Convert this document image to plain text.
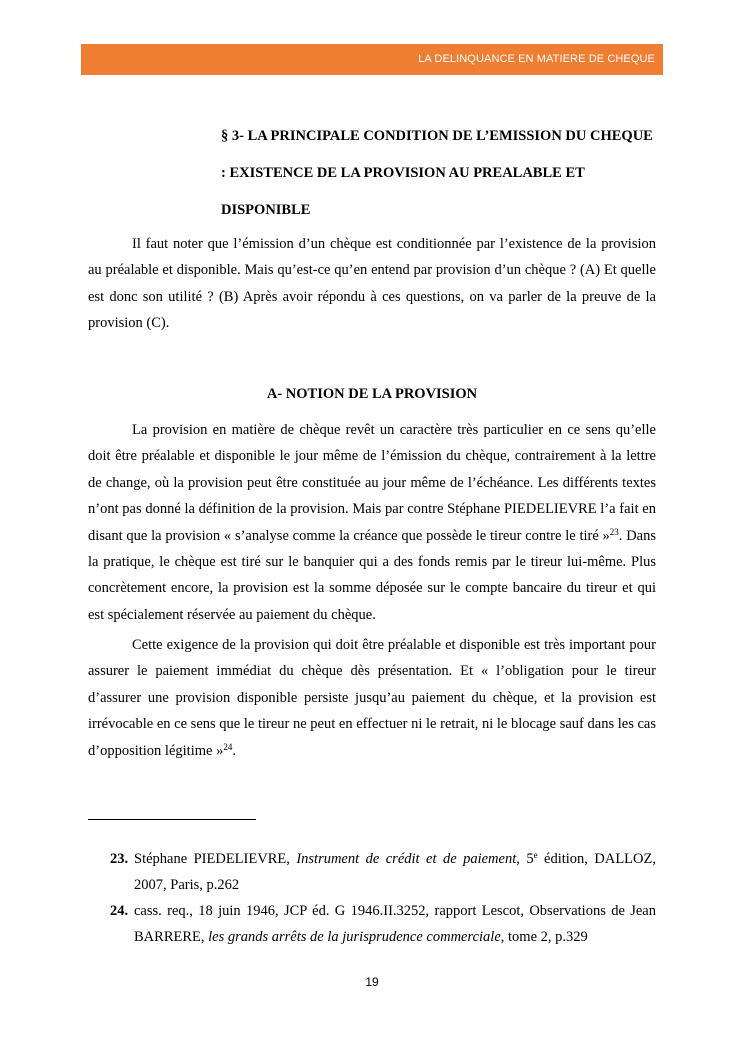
LA DELINQUANCE EN MATIERE DE CHEQUE

§ 3- LA PRINCIPALE CONDITION DE L’EMISSION DU CHEQUE : EXISTENCE DE LA PROVISION AU PREALABLE ET DISPONIBLE

Il faut noter que l’émission d’un chèque est conditionnée par l’existence de la provision au préalable et disponible. Mais qu’est-ce qu’en entend par provision d’un chèque ? (A) Et quelle est donc son utilité ? (B) Après avoir répondu à ces questions, on va parler de la preuve de la provision (C).

A- NOTION DE LA PROVISION

La provision en matière de chèque revêt un caractère très particulier en ce sens qu’elle doit être préalable et disponible le jour même de l’émission du chèque, contrairement à la lettre de change, où la provision peut être constituée au jour même de l’échéance. Les différents textes n’ont pas donné la définition de la provision. Mais par contre Stéphane PIEDELIEVRE l’a fait en disant que la provision « s’analyse comme la créance que possède le tireur contre le tiré »$^{23}$. Dans la pratique, le chèque est tiré sur le banquier qui a des fonds remis par le tireur lui-même. Plus concrètement encore, la provision est la somme déposée sur le compte bancaire du tireur et qui est spécialement réservée au paiement du chèque.

Cette exigence de la provision qui doit être préalable et disponible est très important pour assurer le paiement immédiat du chèque dès présentation. Et « l’obligation pour le tireur d’assurer une provision disponible persiste jusqu’au paiement du chèque, et la provision est irrévocable en ce sens que le tireur ne peut en effectuer ni le retrait, ni le blocage sauf dans les cas d’opposition légitime »$^{24}$.

23. Stéphane PIEDELIEVRE, Instrument de crédit et de paiement, 5e édition, DALLOZ, 2007, Paris, p.262
24. cass. req., 18 juin 1946, JCP éd. G 1946.II.3252, rapport Lescot, Observations de Jean BARRERE, les grands arrêts de la jurisprudence commerciale, tome 2, p.329
19
